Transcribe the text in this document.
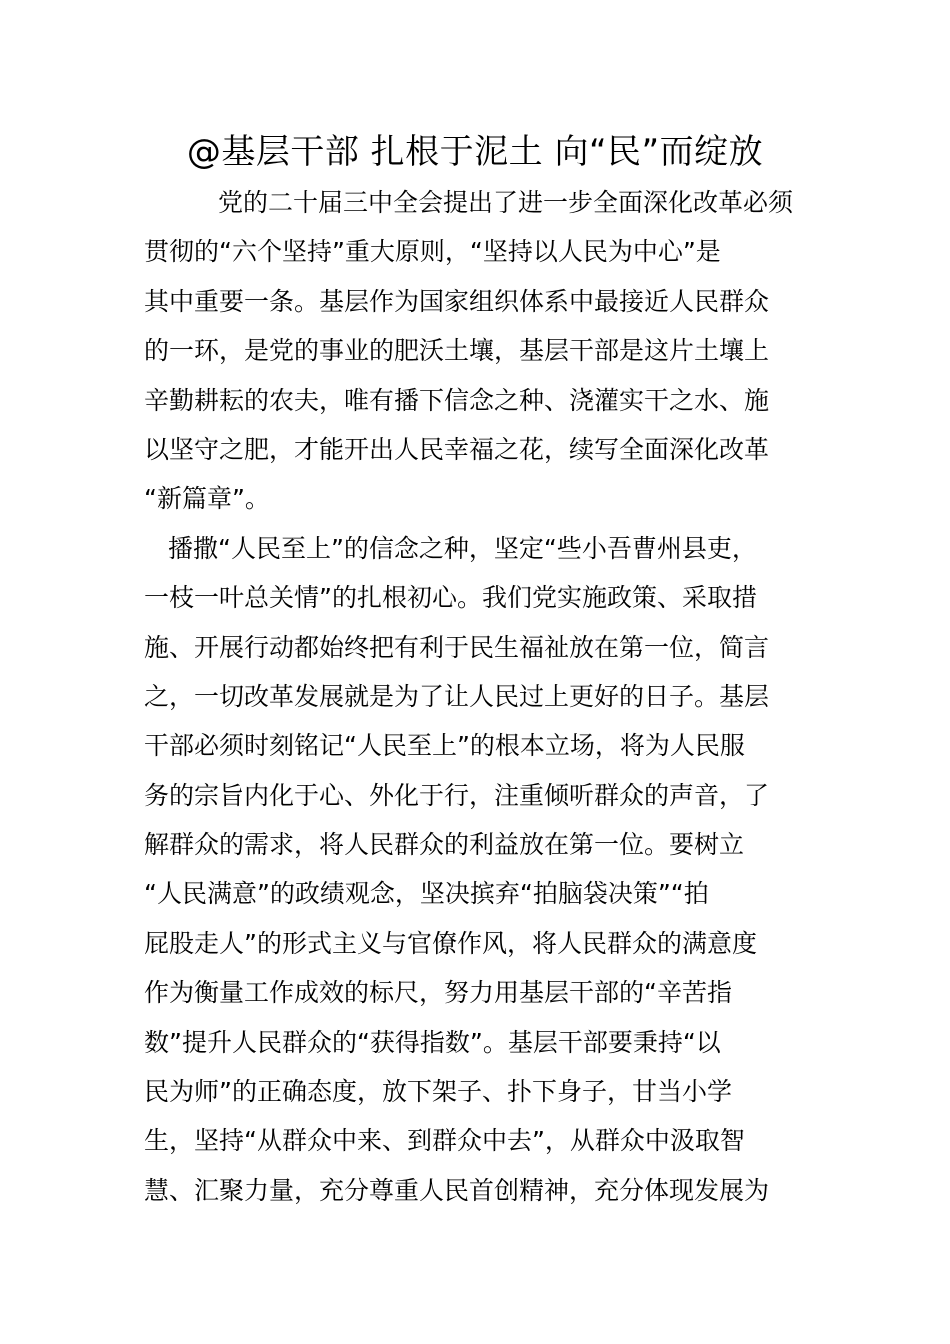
@基层干部 扎根于泥土 向“民”而绽放
党的二十届三中全会提出了进一步全面深化改革必须
贯彻的“六个坚持”重大原则，“坚持以人民为中心”是
其中重要一条。基层作为国家组织体系中最接近人民群众
的一环，是党的事业的肥沃土壤，基层干部是这片土壤上
辛勤耕耘的农夫，唯有播下信念之种、浇灌实干之水、施
以坚守之肥，才能开出人民幸福之花，续写全面深化改革
“新篇章”。
播撒“人民至上”的信念之种，坚定“些小吾曹州县吏，
一枝一叶总关情”的扎根初心。我们党实施政策、采取措
施、开展行动都始终把有利于民生福祉放在第一位，简言
之，一切改革发展就是为了让人民过上更好的日子。基层
干部必须时刻铭记“人民至上”的根本立场，将为人民服
务的宗旨内化于心、外化于行，注重倾听群众的声音，了
解群众的需求，将人民群众的利益放在第一位。要树立
“人民满意”的政绩观念，坚决摈弃“拍脑袋决策”“拍
屁股走人”的形式主义与官僚作风，将人民群众的满意度
作为衡量工作成效的标尺，努力用基层干部的“辛苦指
数”提升人民群众的“获得指数”。基层干部要秉持“以
民为师”的正确态度，放下架子、扑下身子，甘当小学
生，坚持“从群众中来、到群众中去”，从群众中汲取智
慧、汇聚力量，充分尊重人民首创精神，充分体现发展为
